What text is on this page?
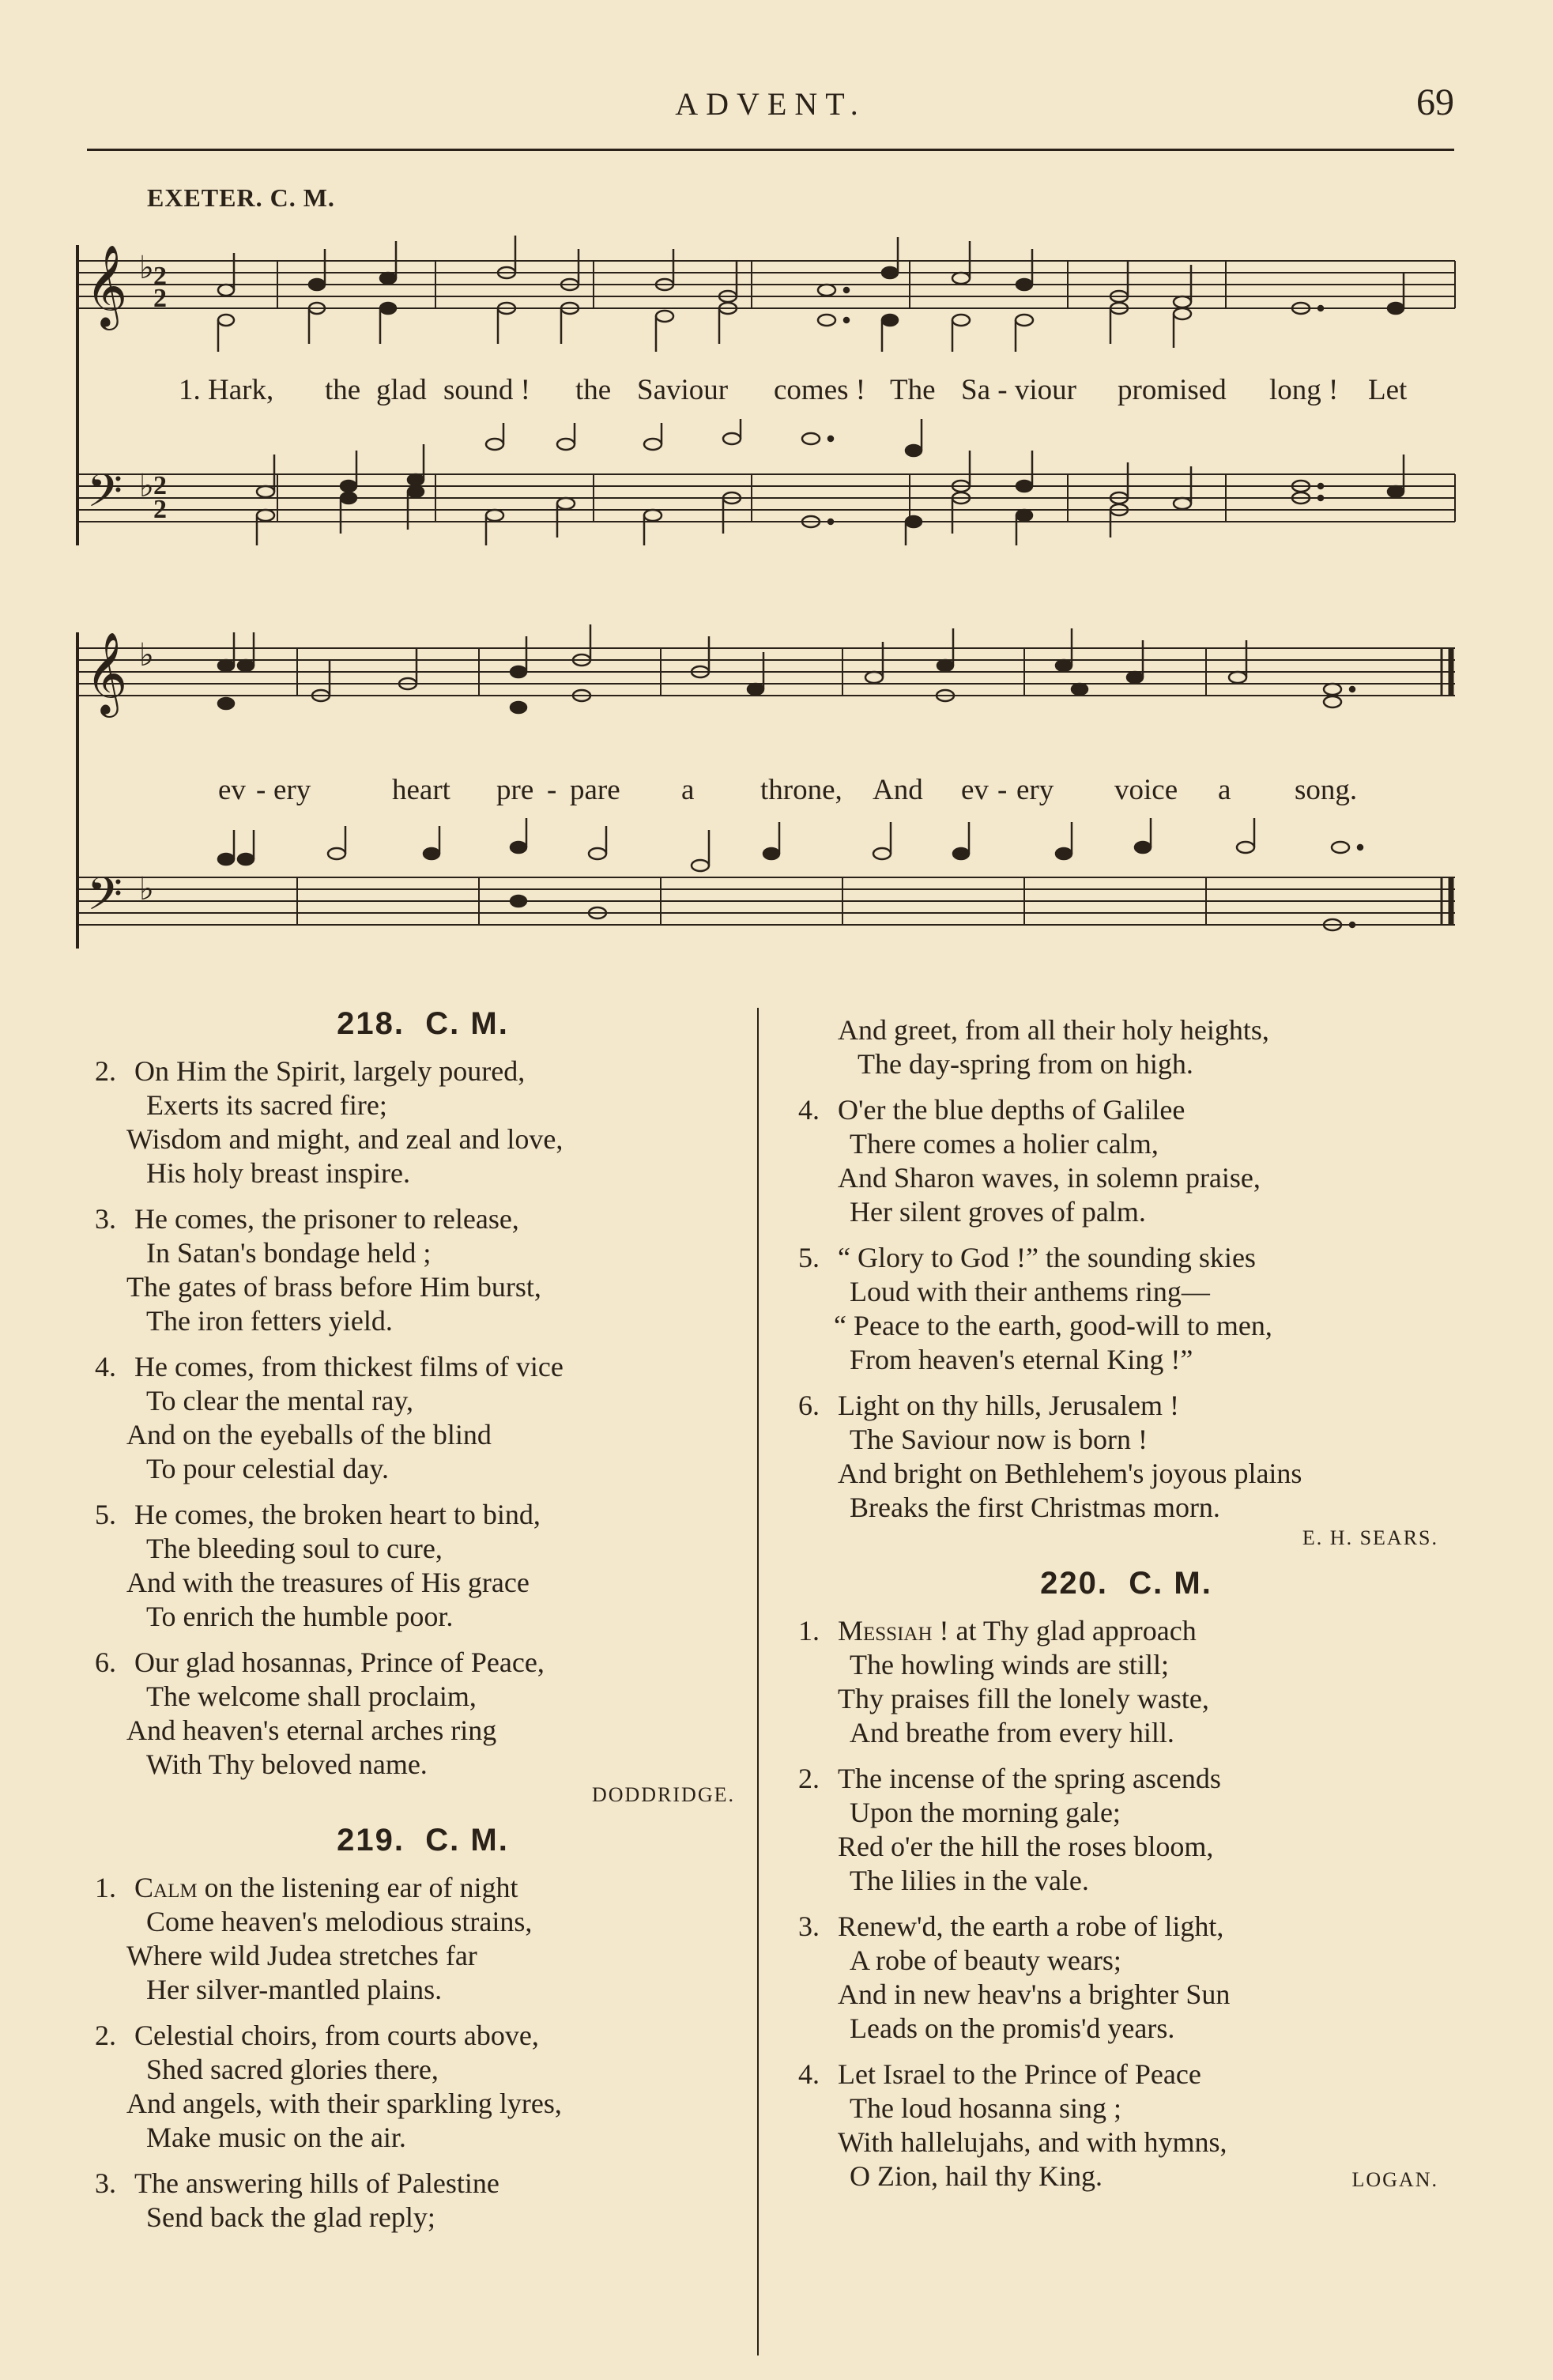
ADVENT.	69
EXETER. C. M.
𝄞
𝄢
♭ 2
2
♭ 2
2
1. Hark, the glad sound ! the Saviour comes ! The Sa - viour promised long ! Let
𝄞
𝄢
♭
♭
ev - ery	heart pre - pare a throne, And ev - ery voice a song.
218. C. M.
2. On Him the Spirit, largely poured,
Exerts its sacred fire;
Wisdom and might, and zeal and love,
His holy breast inspire.
3. He comes, the prisoner to release,
In Satan's bondage held ;
The gates of brass before Him burst,
The iron fetters yield.
4. He comes, from thickest films of vice
To clear the mental ray,
And on the eyeballs of the blind
To pour celestial day.
5. He comes, the broken heart to bind,
The bleeding soul to cure,
And with the treasures of His grace
To enrich the humble poor.
6. Our glad hosannas, Prince of Peace,
The welcome shall proclaim,
And heaven's eternal arches ring
With Thy beloved name.
DODDRIDGE.
219. C. M.
1. Calm on the listening ear of night
Come heaven's melodious strains,
Where wild Judea stretches far
Her silver-mantled plains.
2. Celestial choirs, from courts above,
Shed sacred glories there,
And angels, with their sparkling lyres,
Make music on the air.
3. The answering hills of Palestine
Send back the glad reply;
And greet, from all their holy heights,
The day-spring from on high.
4. O'er the blue depths of Galilee
There comes a holier calm,
And Sharon waves, in solemn praise,
Her silent groves of palm.
5. “ Glory to God !” the sounding skies
Loud with their anthems ring—
“ Peace to the earth, good-will to men,
From heaven's eternal King !”
6. Light on thy hills, Jerusalem !
The Saviour now is born !
And bright on Bethlehem's joyous plains
Breaks the first Christmas morn.
E. H. SEARS.
220. C. M.
1. Messiah ! at Thy glad approach
The howling winds are still;
Thy praises fill the lonely waste,
And breathe from every hill.
2. The incense of the spring ascends
Upon the morning gale;
Red o'er the hill the roses bloom,
The lilies in the vale.
3. Renew'd, the earth a robe of light,
A robe of beauty wears;
And in new heav'ns a brighter Sun
Leads on the promis'd years.
4. Let Israel to the Prince of Peace
The loud hosanna sing ;
With hallelujahs, and with hymns,
O Zion, hail thy King.	LOGAN.
